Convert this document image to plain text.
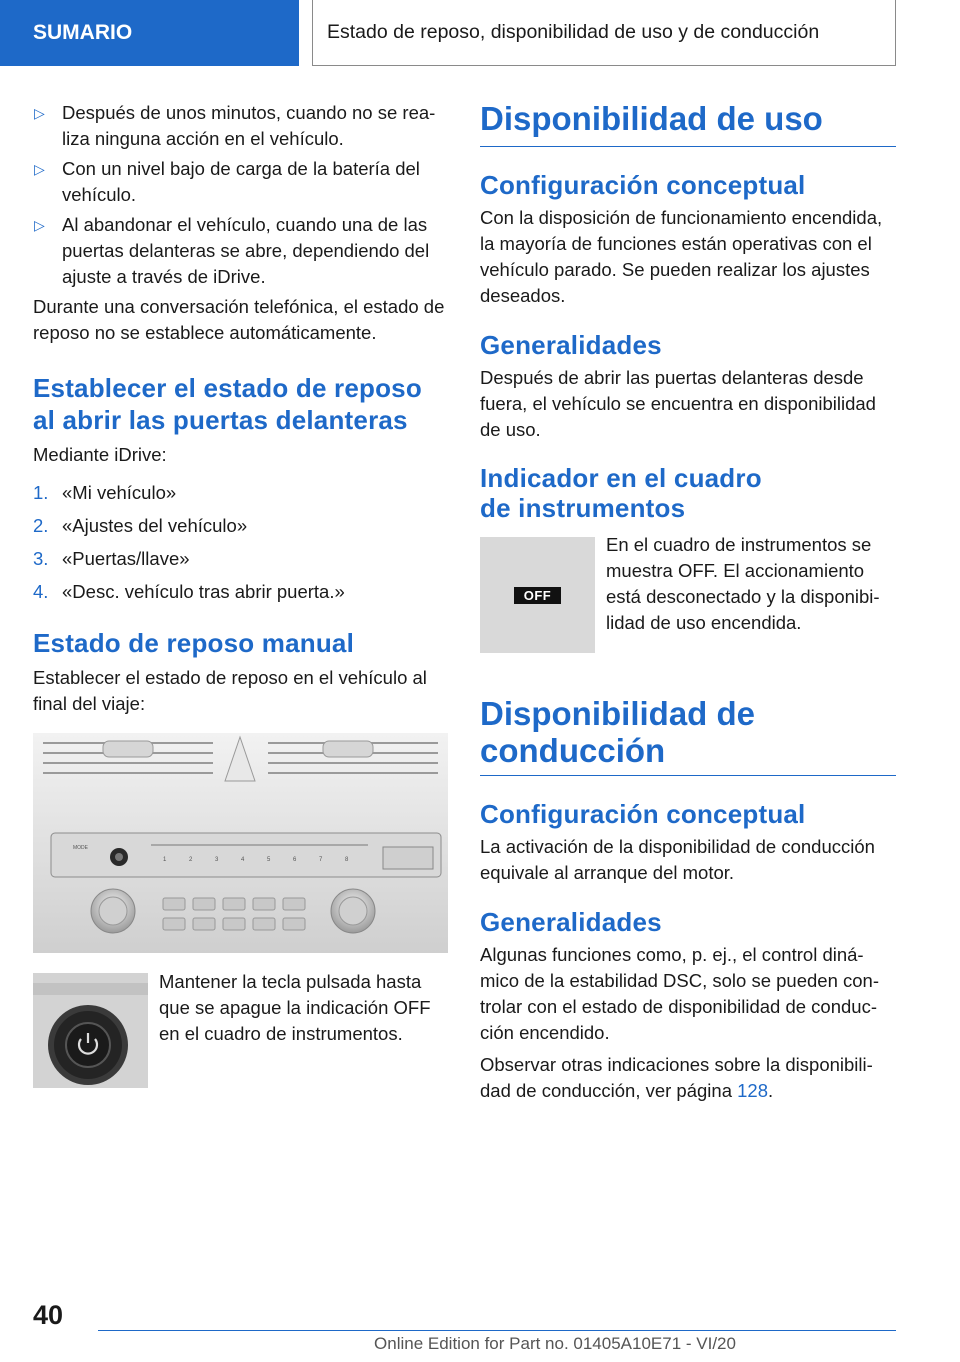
SUMARIO	Estado de reposo, disponibilidad de uso y de conducción
▷ Después de unos minutos, cuando no se realiza ninguna acción en el vehículo.
▷ Con un nivel bajo de carga de la batería del vehículo.
▷ Al abandonar el vehículo, cuando una de las puertas delanteras se abre, dependiendo del ajuste a través de iDrive.

Durante una conversación telefónica, el estado de reposo no se establece automáticamente.

Establecer el estado de reposo al abrir las puertas delanteras

Mediante iDrive:

1. «Mi vehículo»
2. «Ajustes del vehículo»
3. «Puertas/llave»
4. «Desc. vehículo tras abrir puerta.»
Estado de reposo manual

Establecer el estado de reposo en el vehículo al final del viaje:

MODE
1	2	3	4	5	6	7	8

Mantener la tecla pulsada hasta que se apague la indicación OFF en el cuadro de instrumentos.

Disponibilidad de uso
Configuración conceptual

Con la disposición de funcionamiento encendida, la mayoría de funciones están operativas con el vehículo parado. Se pueden realizar los ajustes deseados.

Generalidades

Después de abrir las puertas delanteras desde fuera, el vehículo se encuentra en disponibilidad de uso.

Indicador en el cuadro
de instrumentos
OFF

En el cuadro de instrumentos se muestra OFF. El accionamiento está desconectado y la disponibilidad de uso encendida.

Disponibilidad de
conducción
Configuración conceptual

La activación de la disponibilidad de conducción equivale al arranque del motor.

Generalidades

Algunas funciones como, p. ej., el control dinámico de la estabilidad DSC, solo se pueden controlar con el estado de disponibilidad de conducción encendido.

Observar otras indicaciones sobre la disponibilidad de conducción, ver página 128.

40
Online Edition for Part no. 01405A10E71 - VI/20
